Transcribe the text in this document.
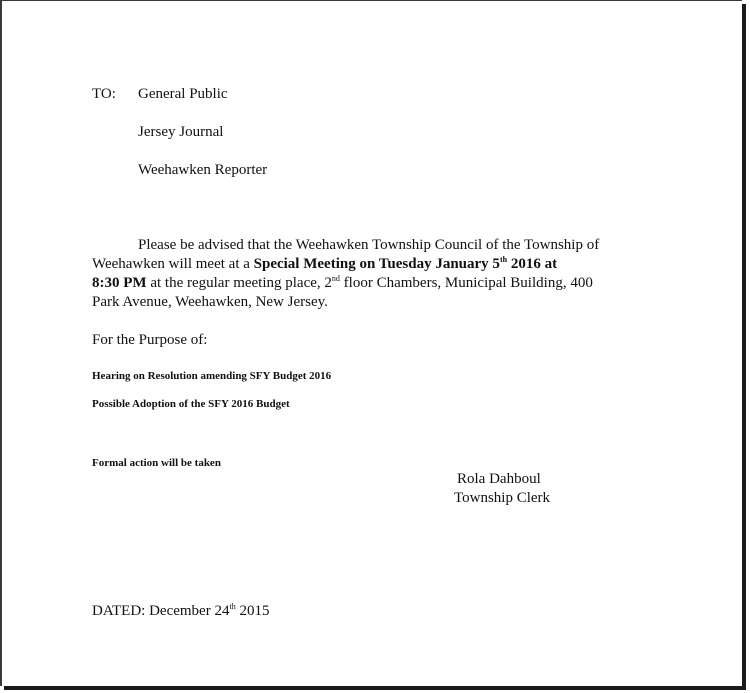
TO: General Public
Jersey Journal
Weehawken Reporter
Please be advised that the Weehawken Township Council of the Township of
Weehawken will meet at a Special Meeting on Tuesday January 5th 2016 at
8:30 PM at the regular meeting place, 2nd floor Chambers, Municipal Building, 400
Park Avenue, Weehawken, New Jersey.
For the Purpose of:
Hearing on Resolution amending SFY Budget 2016
Possible Adoption of the SFY 2016 Budget
Formal action will be taken
Rola Dahboul
Township Clerk
DATED: December 24th 2015
